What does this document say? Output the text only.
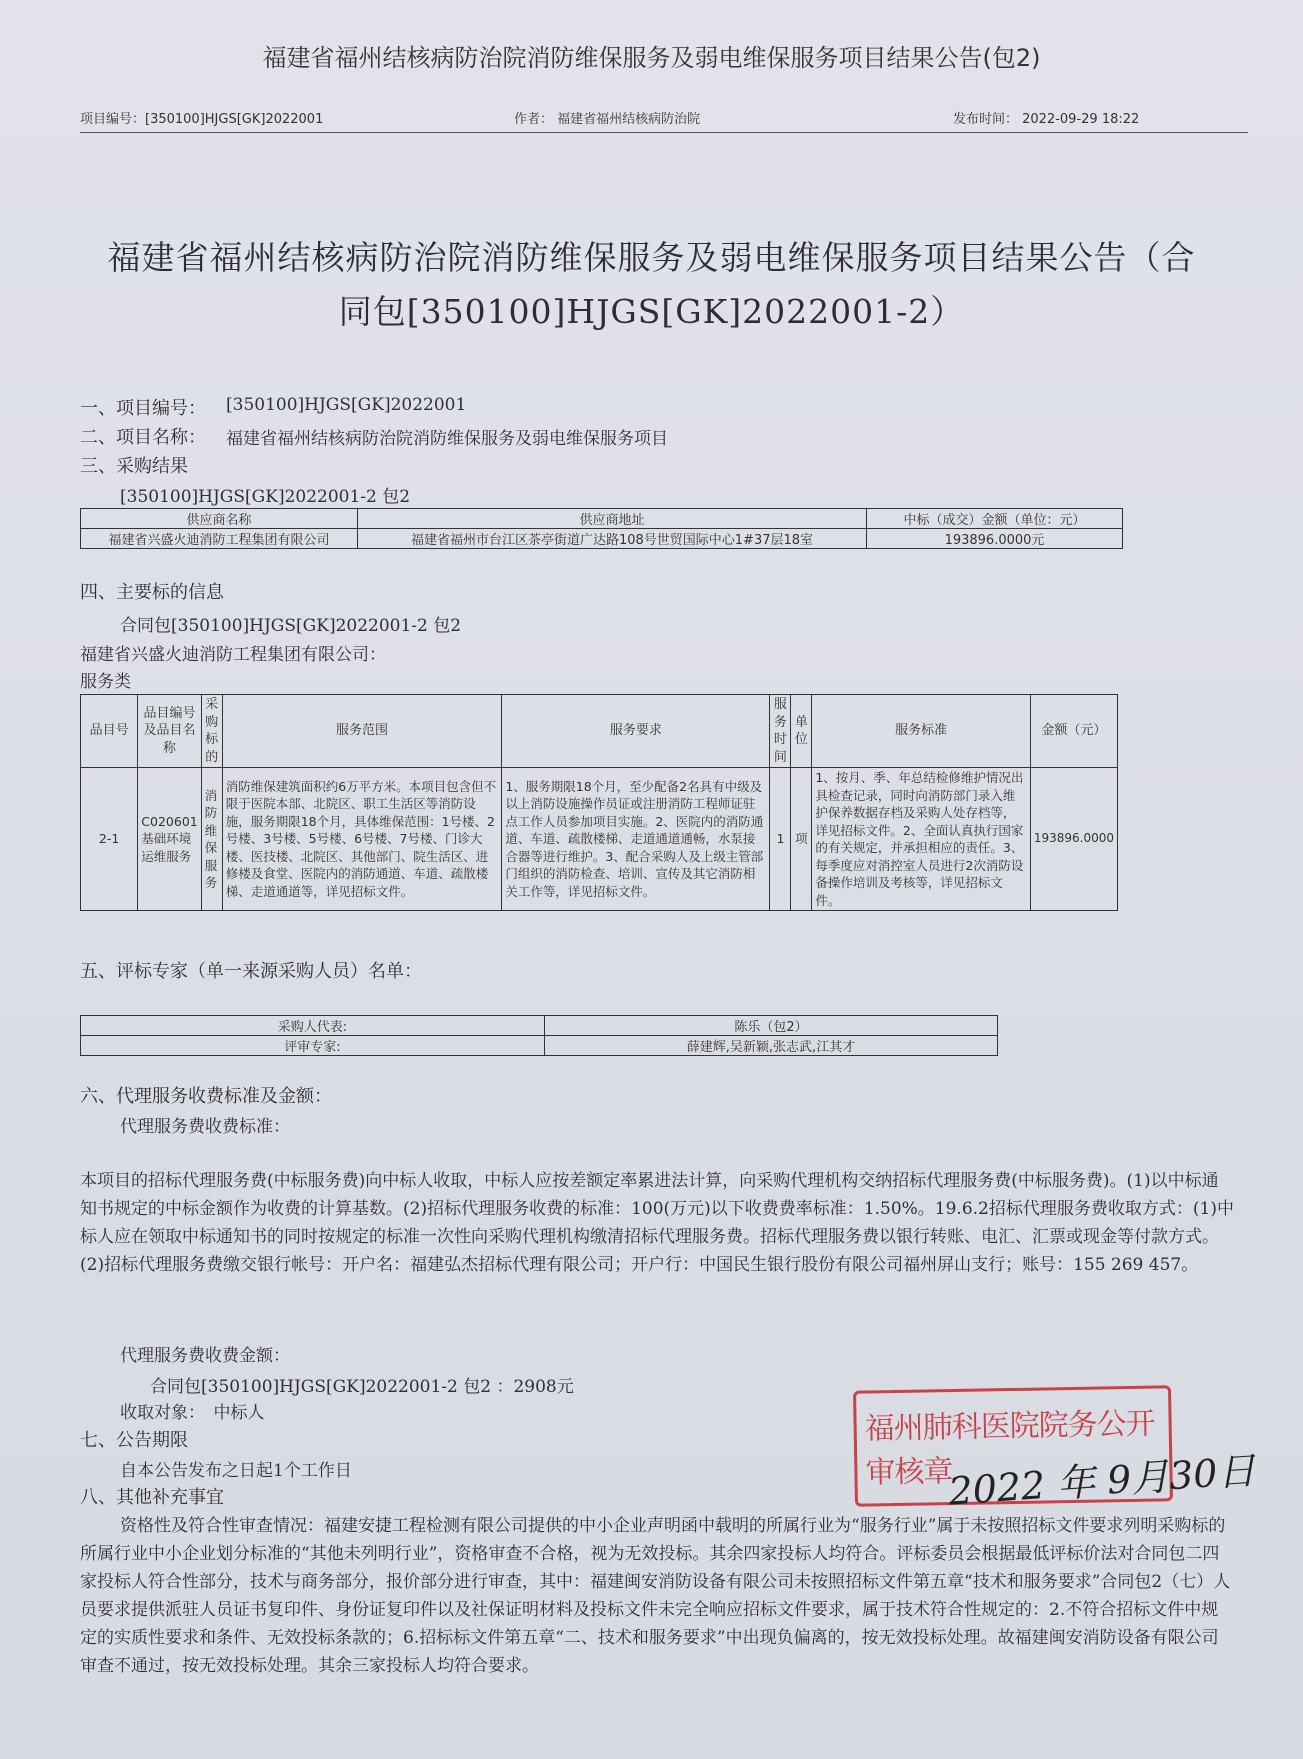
福建省福州结核病防治院消防维保服务及弱电维保服务项目结果公告(包2)
项目编号：[350100]HJGS[GK]2022001	作者： 福建省福州结核病防治院	发布时间： 2022-09-29 18:22
福建省福州结核病防治院消防维保服务及弱电维保服务项目结果公告（合
同包[350100]HJGS[GK]2022001-2）
一、项目编号： [350100]HJGS[GK]2022001
二、项目名称： 福建省福州结核病防治院消防维保服务及弱电维保服务项目
三、采购结果
[350100]HJGS[GK]2022001-2 包2
供应商名称	供应商地址	中标（成交）金额（单位：元）
福建省兴盛火迪消防工程集团有限公司	福建省福州市台江区茶亭街道广达路108号世贸国际中心1#37层18室	193896.0000元
四、主要标的信息
合同包[350100]HJGS[GK]2022001-2 包2
福建省兴盛火迪消防工程集团有限公司：
服务类
品目号	品目编号及品目名称	采购标的	服务范围	服务要求	服务时间	单位	服务标准	金额（元）
2-1	C020601基础环境运维服务	消防维保服务	消防维保建筑面积约6万平方米。本项目包含但不限于医院本部、北院区、职工生活区等消防设施，服务期限18个月，具体维保范围：1号楼、2号楼、3号楼、5号楼、6号楼、7号楼、门诊大楼、医技楼、北院区、其他部门、院生活区、进修楼及食堂、医院内的消防通道、车道、疏散楼梯、走道通道等，详见招标文件。	1、服务期限18个月，至少配备2名具有中级及以上消防设施操作员证或注册消防工程师证驻点工作人员参加项目实施。2、医院内的消防通道、车道、疏散楼梯、走道通道通畅，水泵接合器等进行维护。3、配合采购人及上级主管部门组织的消防检查、培训、宣传及其它消防相关工作等，详见招标文件。	1	项	1、按月、季、年总结检修维护情况出具检查记录，同时向消防部门录入维护保养数据存档及采购人处存档等，详见招标文件。2、全面认真执行国家的有关规定，并承担相应的责任。3、每季度应对消控室人员进行2次消防设备操作培训及考核等，详见招标文件。	193896.0000
五、评标专家（单一来源采购人员）名单：
采购人代表:	陈乐（包2）
评审专家:	薛建辉,吴新颖,张志武,江其才
六、代理服务收费标准及金额：
代理服务费收费标准：
本项目的招标代理服务费(中标服务费)向中标人收取，中标人应按差额定率累进法计算，向采购代理机构交纳招标代理服务费(中标服务费)。(1)以中标通知书规定的中标金额作为收费的计算基数。(2)招标代理服务收费的标准：100(万元)以下收费费率标准：1.50%。19.6.2招标代理服务费收取方式：(1)中标人应在领取中标通知书的同时按规定的标准一次性向采购代理机构缴清招标代理服务费。招标代理服务费以银行转账、电汇、汇票或现金等付款方式。(2)招标代理服务费缴交银行帐号：开户名：福建弘杰招标代理有限公司；开户行：中国民生银行股份有限公司福州屏山支行；账号：155 269 457。
代理服务费收费金额：
合同包[350100]HJGS[GK]2022001-2 包2 ：2908元
收取对象：　中标人
七、公告期限
自本公告发布之日起1个工作日
八、其他补充事宜
资格性及符合性审查情况：福建安捷工程检测有限公司提供的中小企业声明函中载明的所属行业为“服务行业”属于未按照招标文件要求列明采购标的所属行业中小企业划分标准的“其他未列明行业”，资格审查不合格，视为无效投标。其余四家投标人均符合。评标委员会根据最低评标价法对合同包二四家投标人符合性部分，技术与商务部分，报价部分进行审查，其中：福建闽安消防设备有限公司未按照招标文件第五章“技术和服务要求”合同包2（七）人员要求提供派驻人员证书复印件、身份证复印件以及社保证明材料及投标文件未完全响应招标文件要求，属于技术符合性规定的：2.不符合招标文件中规定的实质性要求和条件、无效投标条款的；6.招标标文件第五章“二、技术和服务要求”中出现负偏离的，按无效投标处理。故福建闽安消防设备有限公司审查不通过，按无效投标处理。其余三家投标人均符合要求。
福州肺科医院院务公开审核章
2022 年 9月30日
